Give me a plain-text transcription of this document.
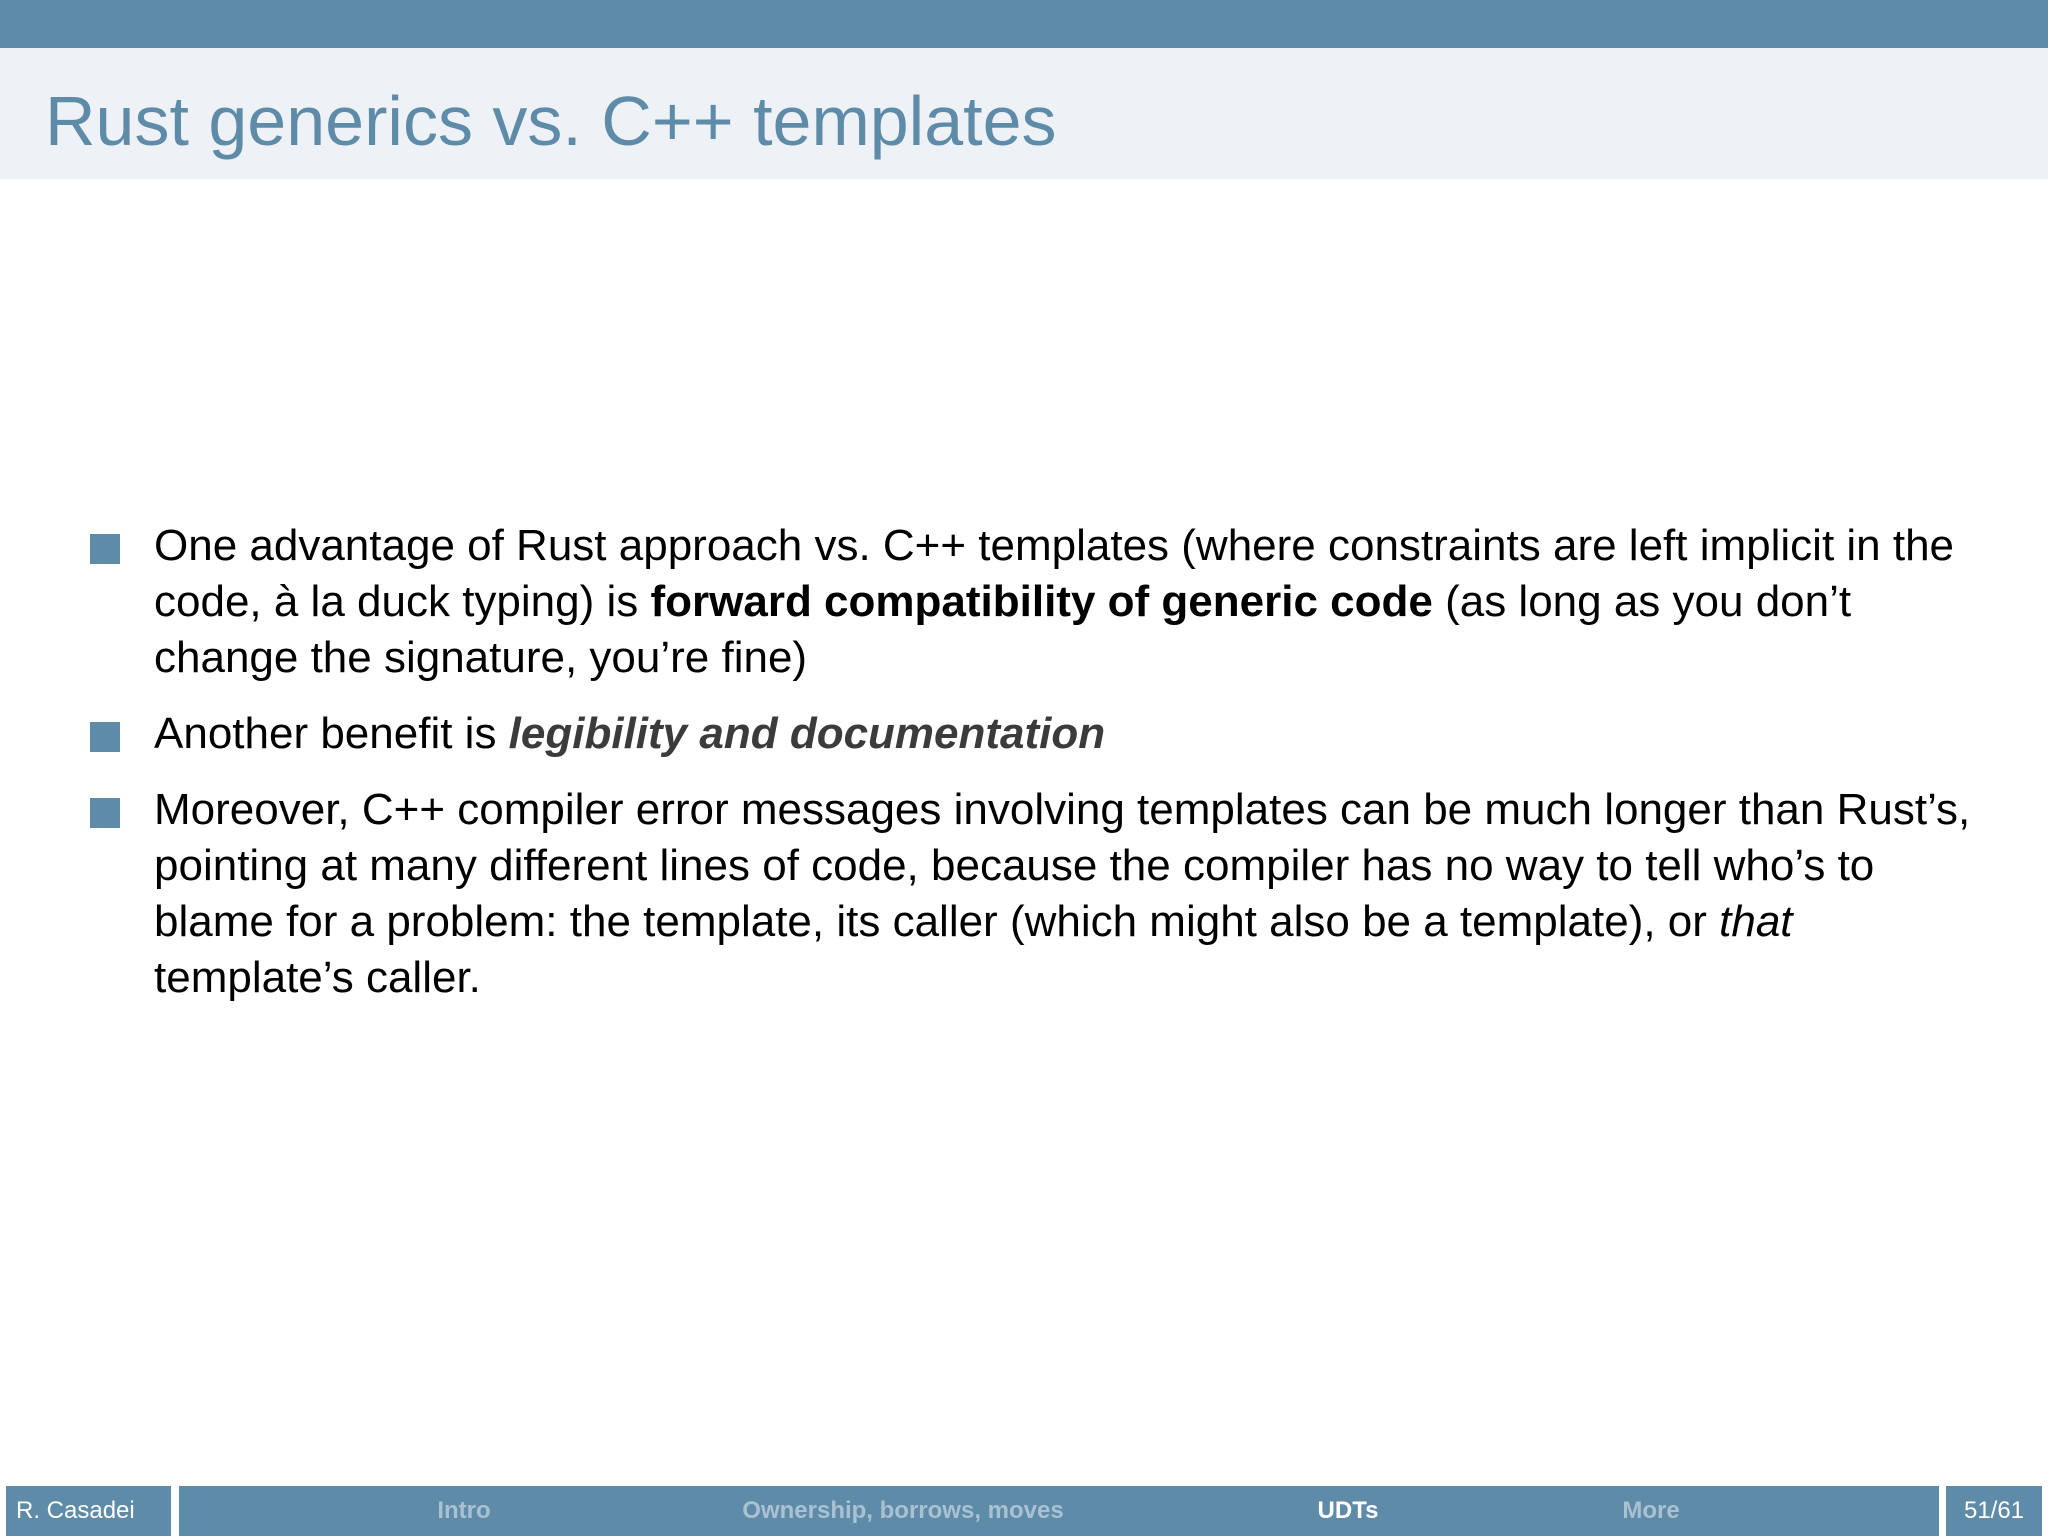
Rust generics vs. C++ templates
One advantage of Rust approach vs. C++ templates (where constraints are left implicit in the code, à la duck typing) is forward compatibility of generic code (as long as you don’t change the signature, you’re fine)
Another benefit is legibility and documentation
Moreover, C++ compiler error messages involving templates can be much longer than Rust’s, pointing at many different lines of code, because the compiler has no way to tell who’s to blame for a problem: the template, its caller (which might also be a template), or that template’s caller.
R. Casadei	Intro	Ownership, borrows, moves	UDTs	More	51/61
